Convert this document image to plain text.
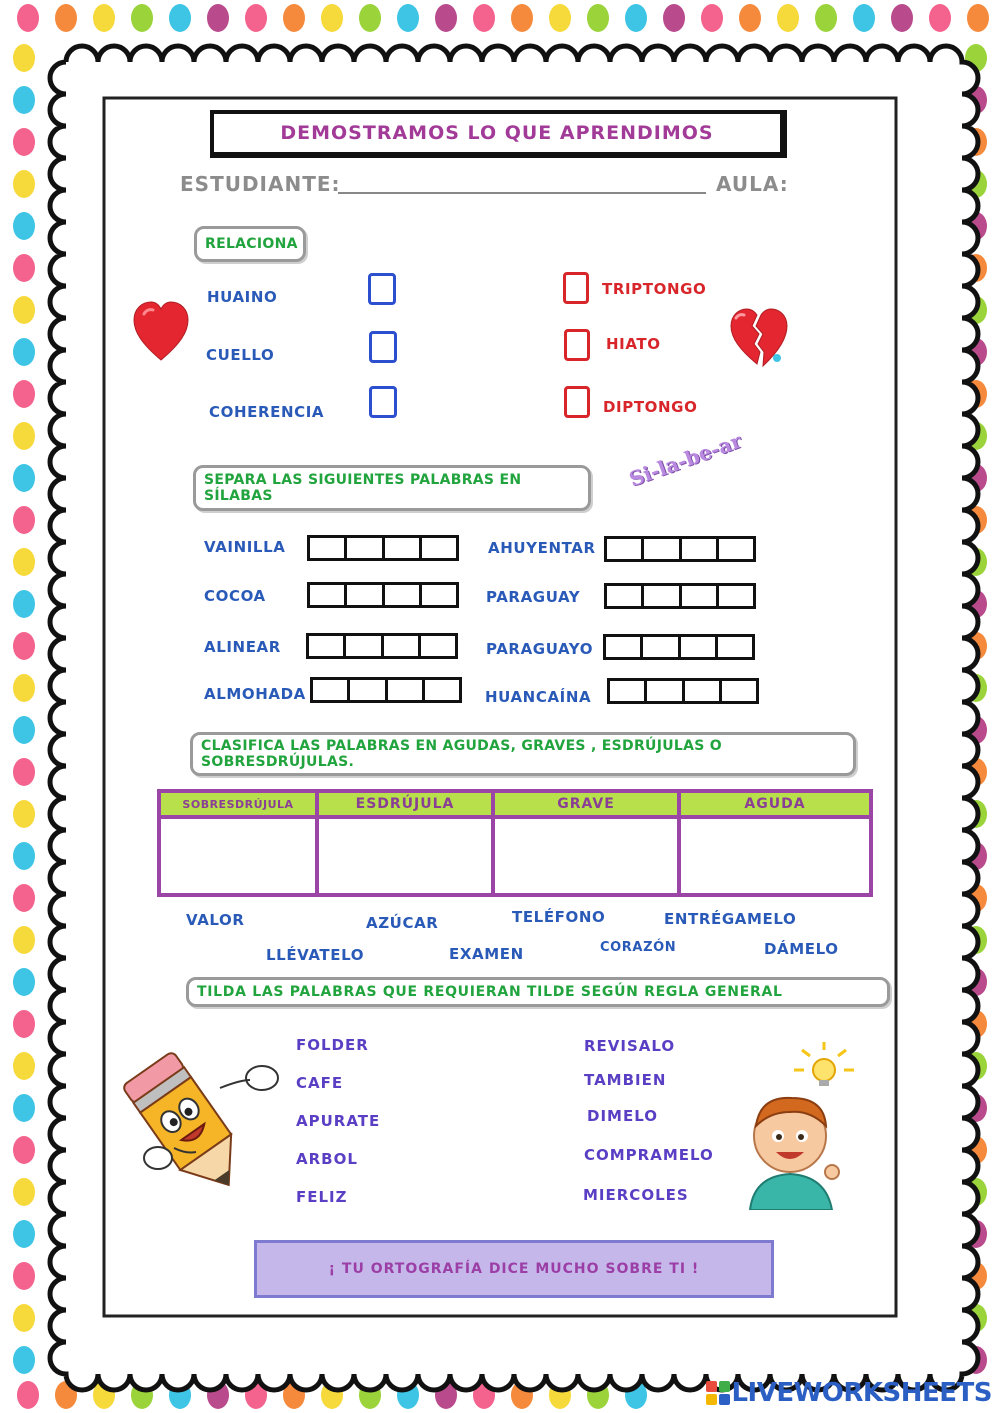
DEMOSTRAMOS LO QUE APRENDIMOS
ESTUDIANTE:	AULA:
RELACIONA
HUAINO
CUELLO
COHERENCIA
TRIPTONGO
HIATO
DIPTONGO
SEPARA LAS SIGUIENTES PALABRAS EN SÍLABAS
Si-la-be-ar
VAINILLA
COCOA
ALINEAR
ALMOHADA
AHUYENTAR
PARAGUAY
PARAGUAYO
HUANCAÍNA
CLASIFICA LAS PALABRAS EN AGUDAS, GRAVES , ESDRÚJULAS O SOBRESDRÚJULAS.
SOBRESDRÚJULA	ESDRÚJULA	GRAVE	AGUDA
VALOR	AZÚCAR	TELÉFONO	ENTRÉGAMELO
LLÉVATELO	EXAMEN	CORAZÓN	DÁMELO
TILDA LAS PALABRAS QUE REQUIERAN TILDE SEGÚN REGLA GENERAL
FOLDER
CAFE
APURATE
ARBOL
FELIZ
REVISALO
TAMBIEN
DIMELO
COMPRAMELO
MIERCOLES
¡ TU ORTOGRAFÍA DICE MUCHO SOBRE TI !
LIVEWORKSHEETS
